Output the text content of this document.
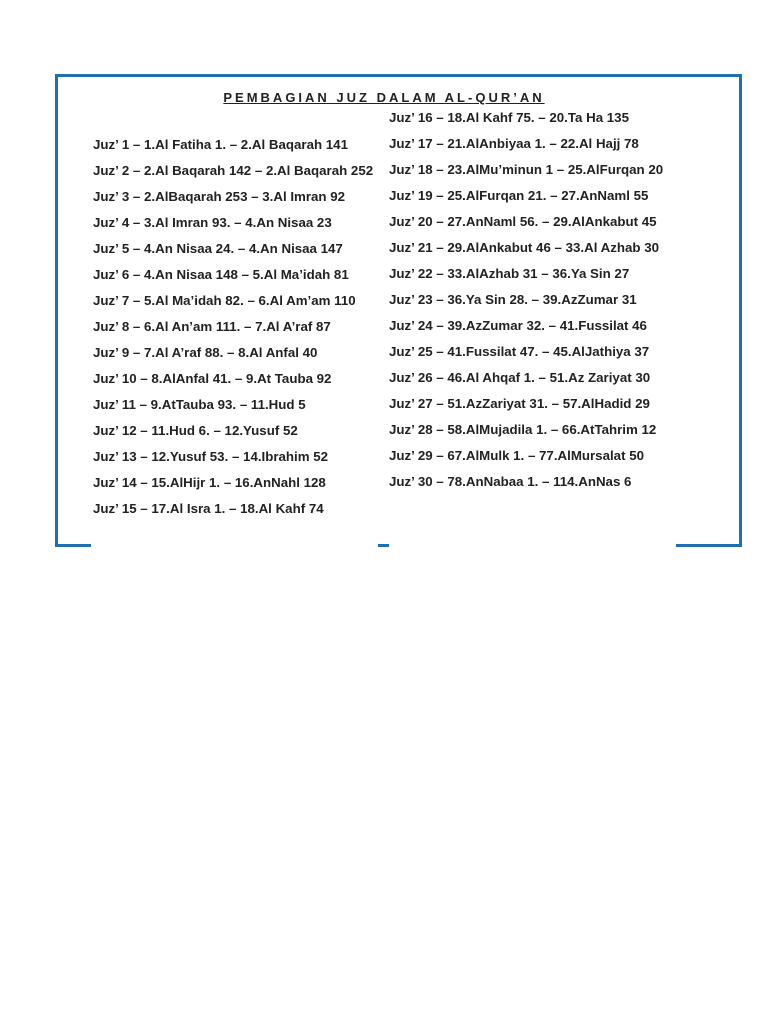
PEMBAGIAN JUZ DALAM AL-QUR’AN
Juz’ 1 – 1.Al Fatiha 1. – 2.Al Baqarah 141
Juz’ 2 – 2.Al Baqarah 142 – 2.Al Baqarah 252
Juz’ 3 – 2.AlBaqarah 253 – 3.Al Imran 92
Juz’ 4 – 3.Al Imran 93. – 4.An Nisaa 23
Juz’ 5 – 4.An Nisaa 24. – 4.An Nisaa 147
Juz’ 6 – 4.An Nisaa 148 – 5.Al Ma’idah 81
Juz’ 7 – 5.Al Ma’idah 82. – 6.Al Am’am 110
Juz’ 8 – 6.Al An’am 111. – 7.Al A’raf 87
Juz’ 9 – 7.Al A’raf 88. – 8.Al Anfal 40
Juz’ 10 – 8.AlAnfal 41. – 9.At Tauba 92
Juz’ 11 – 9.AtTauba 93. – 11.Hud 5
Juz’ 12 – 11.Hud 6. – 12.Yusuf 52
Juz’ 13 – 12.Yusuf 53. – 14.Ibrahim 52
Juz’ 14 – 15.AlHijr 1. – 16.AnNahl 128
Juz’ 15 – 17.Al Isra 1. – 18.Al Kahf 74
Juz’ 16 – 18.Al Kahf 75. – 20.Ta Ha 135
Juz’ 17 – 21.AlAnbiyaa 1. – 22.Al Hajj 78
Juz’ 18 – 23.AlMu’minun 1 – 25.AlFurqan 20
Juz’ 19 – 25.AlFurqan 21. – 27.AnNaml 55
Juz’ 20 – 27.AnNaml 56. – 29.AlAnkabut 45
Juz’ 21 – 29.AlAnkabut 46 – 33.Al Azhab 30
Juz’ 22 – 33.AlAzhab 31 – 36.Ya Sin 27
Juz’ 23 – 36.Ya Sin 28. – 39.AzZumar 31
Juz’ 24 – 39.AzZumar 32. – 41.Fussilat 46
Juz’ 25 – 41.Fussilat 47. – 45.AlJathiya 37
Juz’ 26 – 46.Al Ahqaf 1. – 51.Az Zariyat 30
Juz’ 27 – 51.AzZariyat 31. – 57.AlHadid 29
Juz’ 28 – 58.AlMujadila 1. – 66.AtTahrim 12
Juz’ 29 – 67.AlMulk 1. – 77.AlMursalat 50
Juz’ 30 – 78.AnNabaa 1. – 114.AnNas 6
